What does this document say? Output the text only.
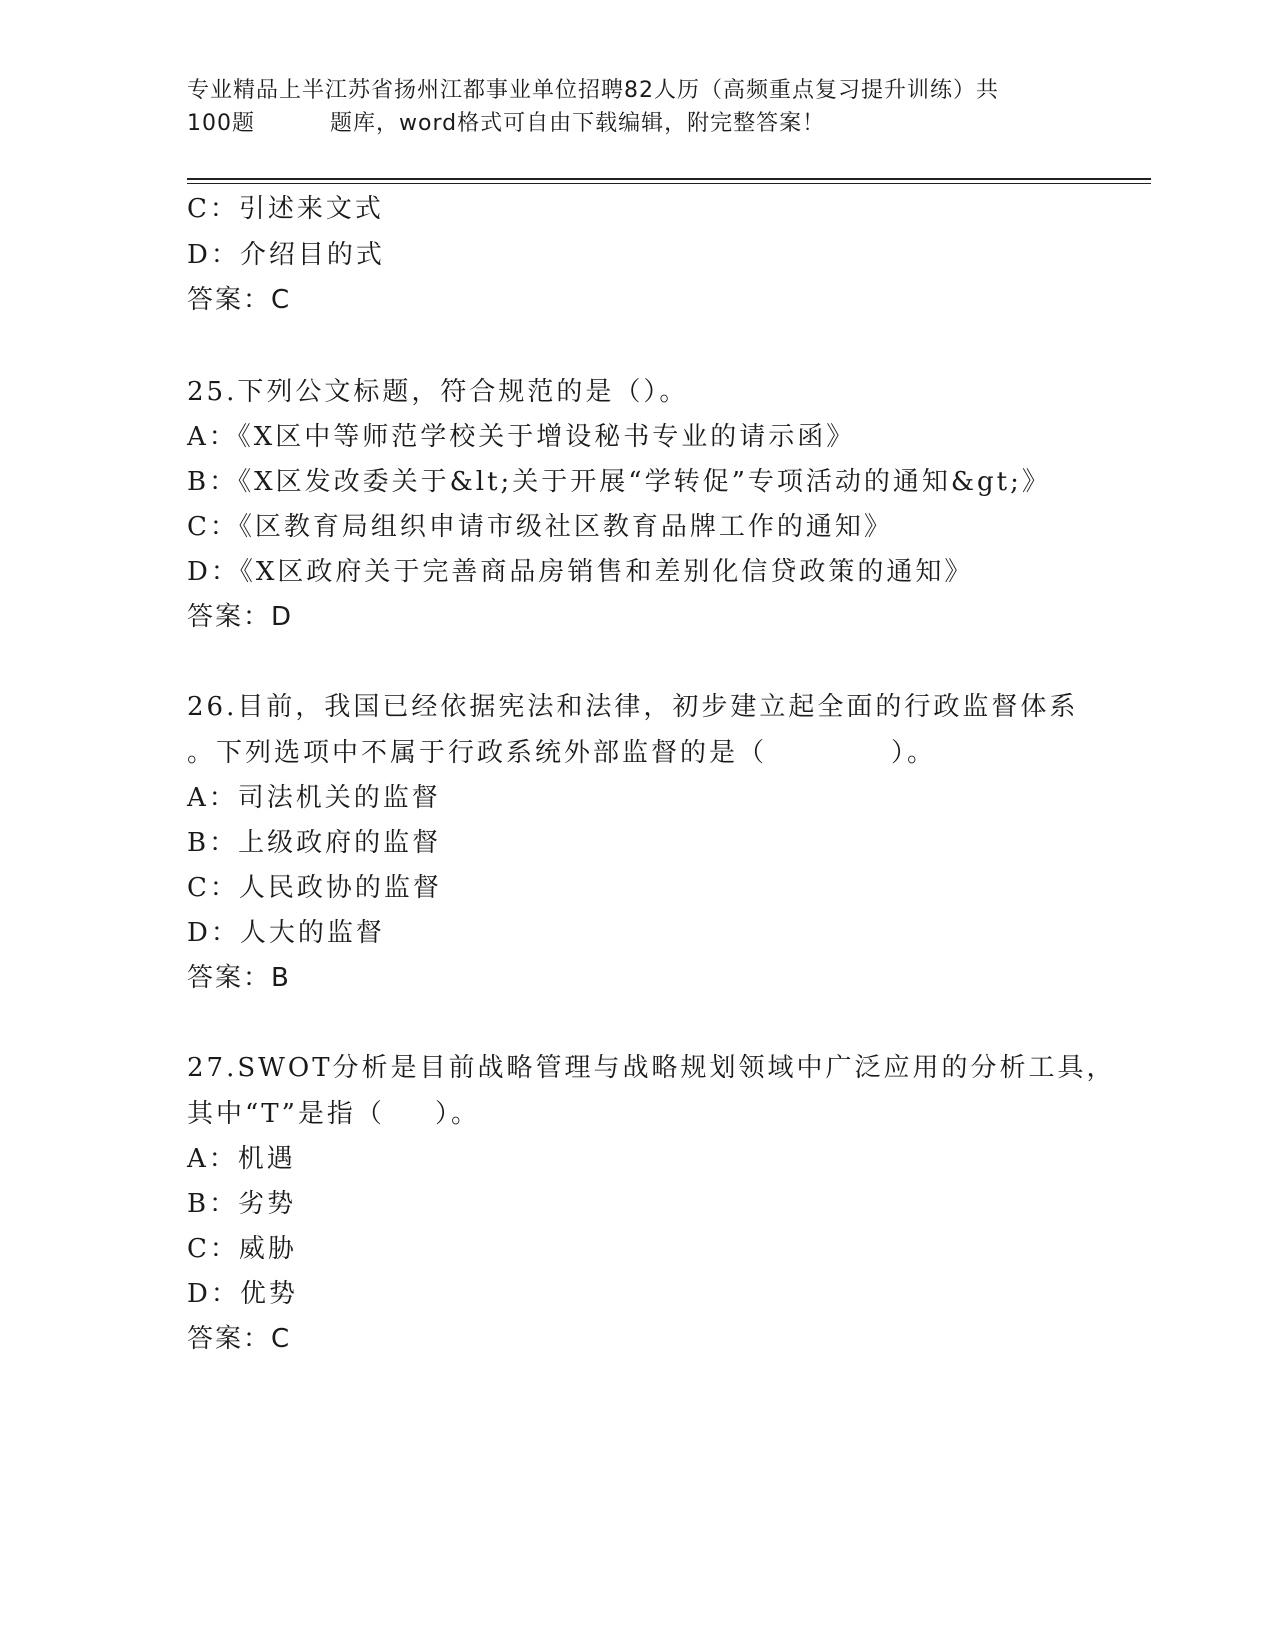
专业精品上半江苏省扬州江都事业单位招聘82人历（高频重点复习提升训练）共
100题	题库，word格式可自由下载编辑，附完整答案！
C：引述来文式
D：介绍目的式
答案：C
25.下列公文标题，符合规范的是（）。
A：《X区中等师范学校关于增设秘书专业的请示函》
B：《X区发改委关于&lt;关于开展“学转促”专项活动的通知&gt;》
C：《区教育局组织申请市级社区教育品牌工作的通知》
D：《X区政府关于完善商品房销售和差别化信贷政策的通知》
答案：D
26.目前，我国已经依据宪法和法律，初步建立起全面的行政监督体系
。下列选项中不属于行政系统外部监督的是（	）。
A：司法机关的监督
B：上级政府的监督
C：人民政协的监督
D：人大的监督
答案：B
27.SWOT分析是目前战略管理与战略规划领域中广泛应用的分析工具，
其中“T”是指（ ）。
A：机遇
B：劣势
C：威胁
D：优势
答案：C
